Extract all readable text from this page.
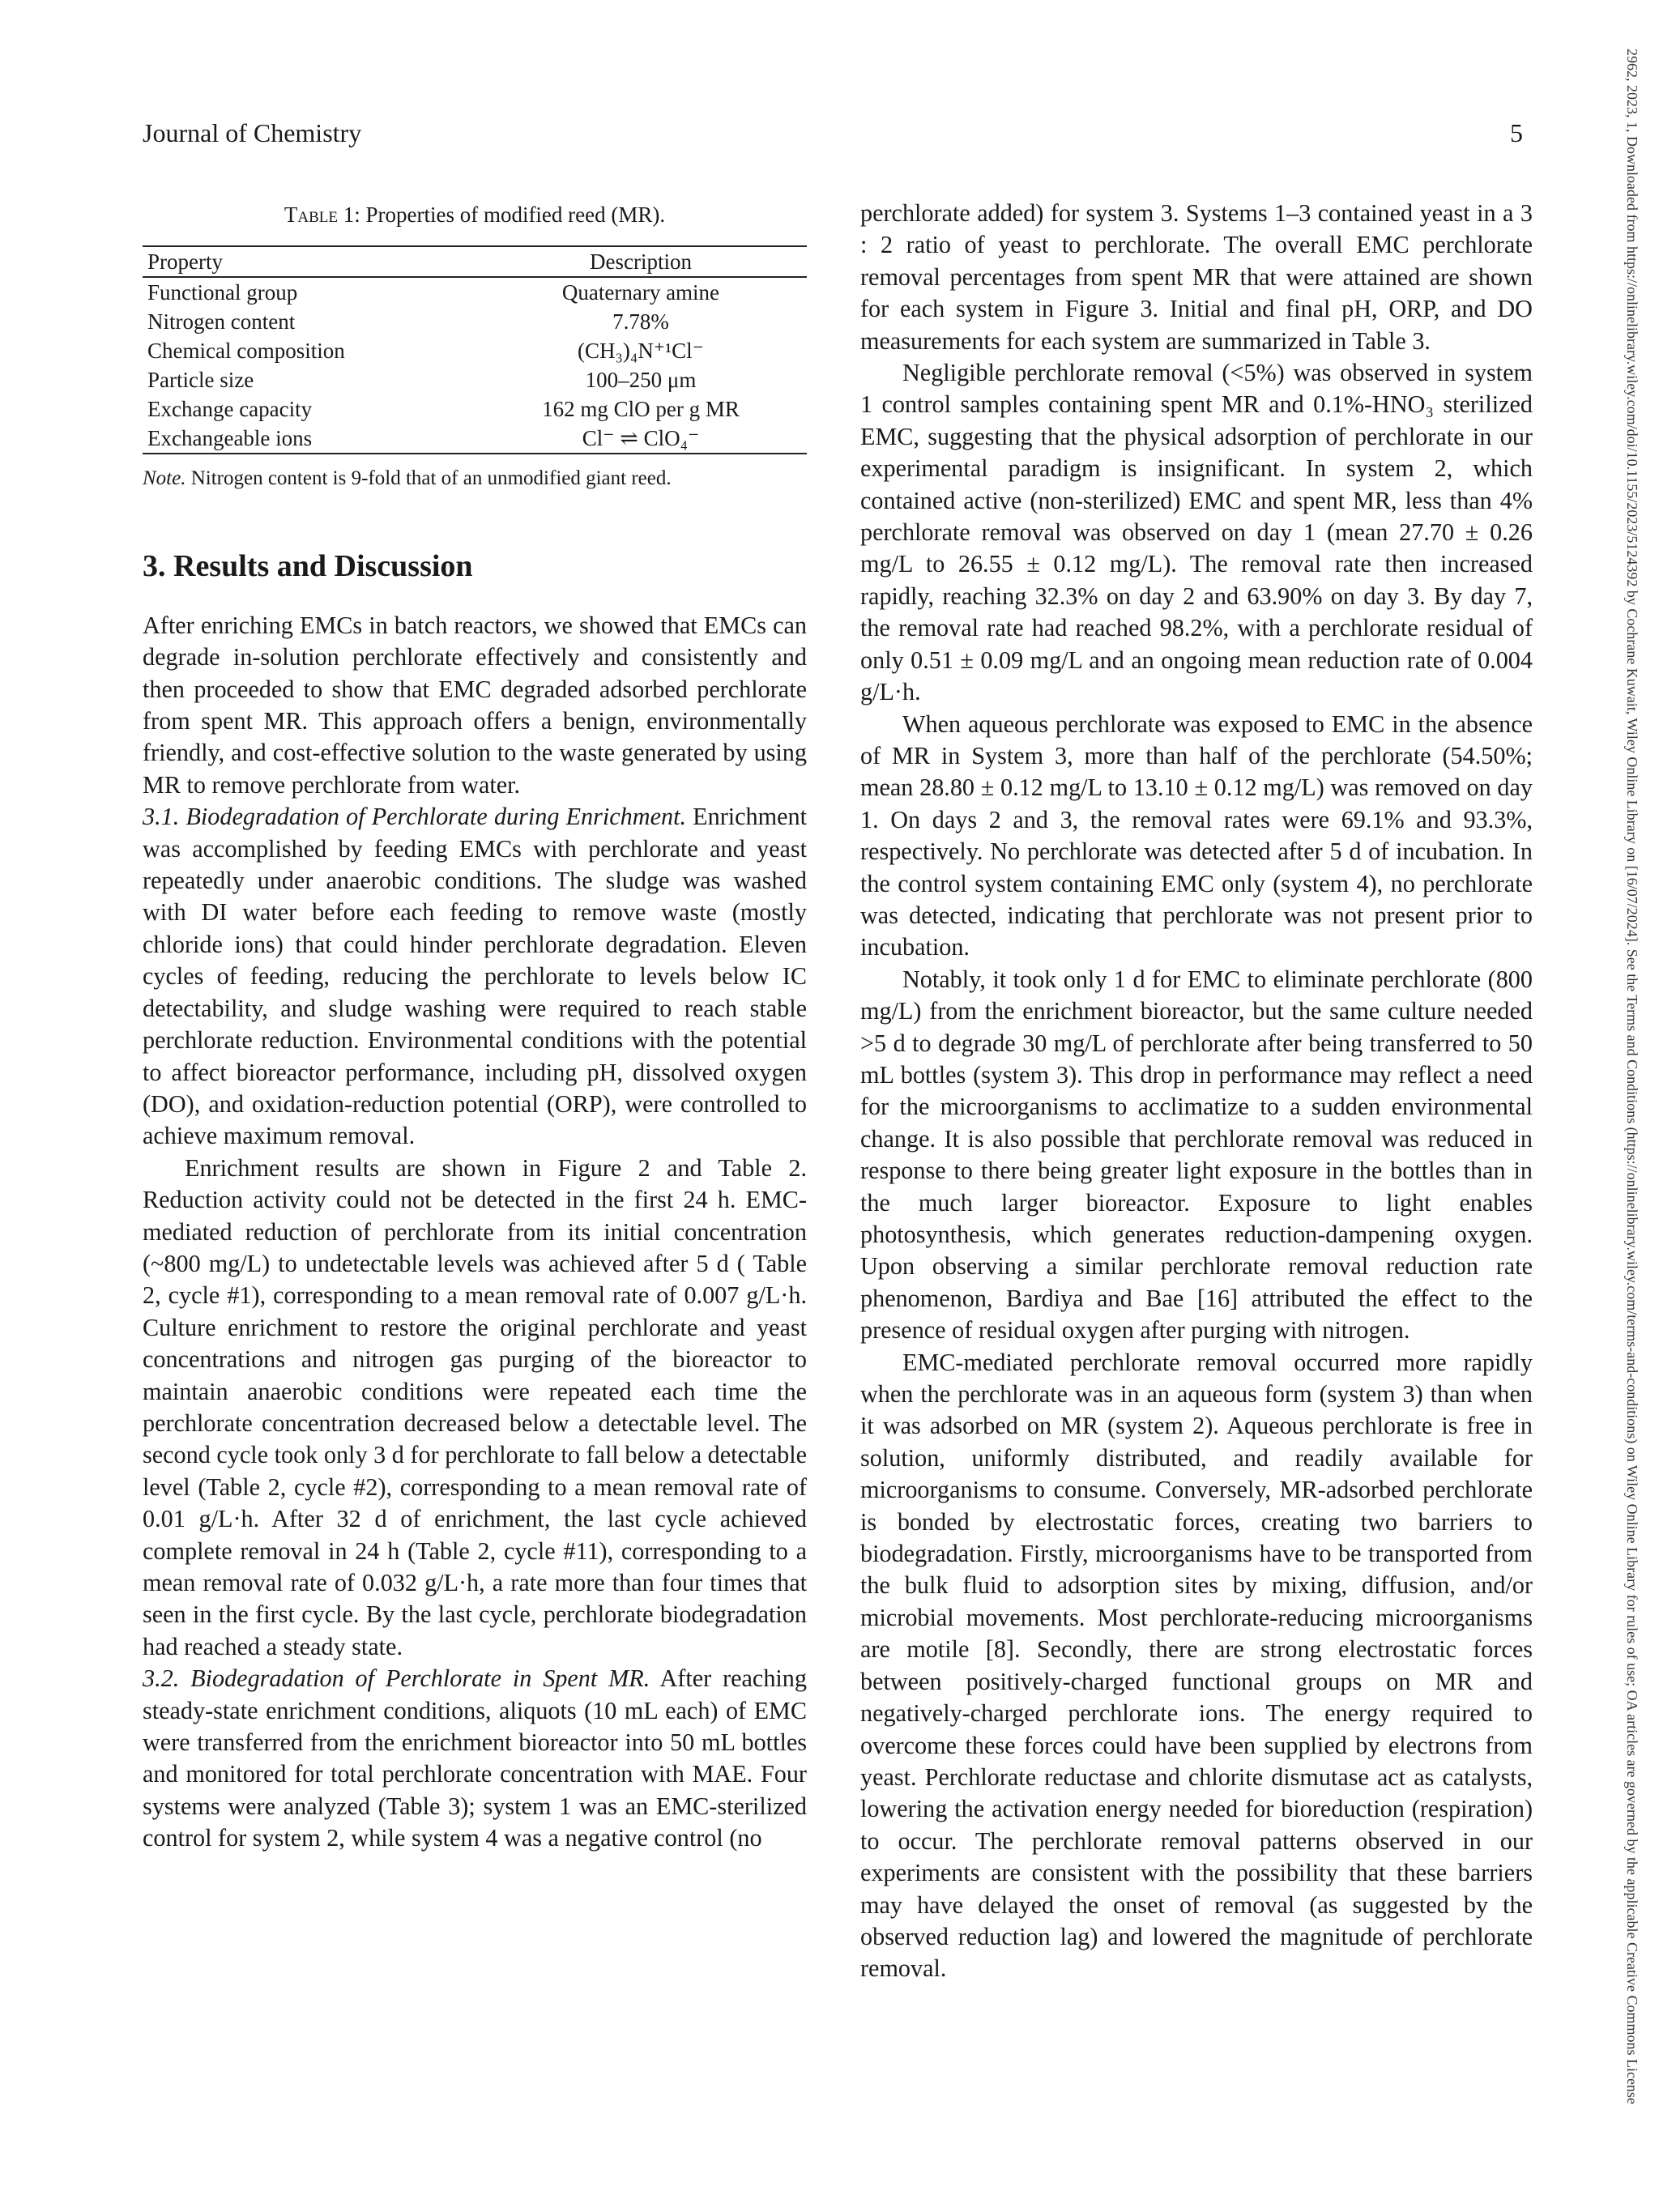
Journal of Chemistry	5	2962, 2023, 1, Downloaded from https://onlinelibrary.wiley.com/doi/10.1155/2023/5124392 by Cochrane Kuwait, Wiley Online Library on [16/07/2024]. See the Terms and Conditions (https://onlinelibrary.wiley.com/terms-and-conditions) on Wiley Online Library for rules of use; OA articles are governed by the applicable Creative Commons License
Table 1: Properties of modified reed (MR).
Property	Description
Functional group	Quaternary amine
Nitrogen content	7.78%
Chemical composition	(CH₃)₄N⁺¹Cl⁻
Particle size	100–250 μm
Exchange capacity	162 mg ClO per g MR
Exchangeable ions	Cl⁻ ⇌ ClO₄⁻
Note. Nitrogen content is 9-fold that of an unmodified giant reed.
3. Results and Discussion

After enriching EMCs in batch reactors, we showed that EMCs can degrade in-solution perchlorate effectively and consistently and then proceeded to show that EMC degraded adsorbed perchlorate from spent MR. This approach offers a benign, environmentally friendly, and cost-effective solution to the waste generated by using MR to remove perchlorate from water.

3.1. Biodegradation of Perchlorate during Enrichment. Enrichment was accomplished by feeding EMCs with perchlorate and yeast repeatedly under anaerobic conditions. The sludge was washed with DI water before each feeding to remove waste (mostly chloride ions) that could hinder perchlorate degradation. Eleven cycles of feeding, reducing the perchlorate to levels below IC detectability, and sludge washing were required to reach stable perchlorate reduction. Environmental conditions with the potential to affect bioreactor performance, including pH, dissolved oxygen (DO), and oxidation-reduction potential (ORP), were controlled to achieve maximum removal.

Enrichment results are shown in Figure 2 and Table 2. Reduction activity could not be detected in the first 24 h. EMC-mediated reduction of perchlorate from its initial concentration (~800 mg/L) to undetectable levels was achieved after 5 d ( Table 2, cycle #1), corresponding to a mean removal rate of 0.007 g/L·h. Culture enrichment to restore the original perchlorate and yeast concentrations and nitrogen gas purging of the bioreactor to maintain anaerobic conditions were repeated each time the perchlorate concentration decreased below a detectable level. The second cycle took only 3 d for perchlorate to fall below a detectable level (Table 2, cycle #2), corresponding to a mean removal rate of 0.01 g/L·h. After 32 d of enrichment, the last cycle achieved complete removal in 24 h (Table 2, cycle #11), corresponding to a mean removal rate of 0.032 g/L·h, a rate more than four times that seen in the first cycle. By the last cycle, perchlorate biodegradation had reached a steady state.

3.2. Biodegradation of Perchlorate in Spent MR. After reaching steady-state enrichment conditions, aliquots (10 mL each) of EMC were transferred from the enrichment bioreactor into 50 mL bottles and monitored for total perchlorate concentration with MAE. Four systems were analyzed (Table 3); system 1 was an EMC-sterilized control for system 2, while system 4 was a negative control (no

perchlorate added) for system 3. Systems 1–3 contained yeast in a 3 : 2 ratio of yeast to perchlorate. The overall EMC perchlorate removal percentages from spent MR that were attained are shown for each system in Figure 3. Initial and final pH, ORP, and DO measurements for each system are summarized in Table 3.

Negligible perchlorate removal (<5%) was observed in system 1 control samples containing spent MR and 0.1%-HNO₃ sterilized EMC, suggesting that the physical adsorption of perchlorate in our experimental paradigm is insignificant. In system 2, which contained active (non-sterilized) EMC and spent MR, less than 4% perchlorate removal was observed on day 1 (mean 27.70 ± 0.26 mg/L to 26.55 ± 0.12 mg/L). The removal rate then increased rapidly, reaching 32.3% on day 2 and 63.90% on day 3. By day 7, the removal rate had reached 98.2%, with a perchlorate residual of only 0.51 ± 0.09 mg/L and an ongoing mean reduction rate of 0.004 g/L·h.

When aqueous perchlorate was exposed to EMC in the absence of MR in System 3, more than half of the perchlorate (54.50%; mean 28.80 ± 0.12 mg/L to 13.10 ± 0.12 mg/L) was removed on day 1. On days 2 and 3, the removal rates were 69.1% and 93.3%, respectively. No perchlorate was detected after 5 d of incubation. In the control system containing EMC only (system 4), no perchlorate was detected, indicating that perchlorate was not present prior to incubation.

Notably, it took only 1 d for EMC to eliminate perchlorate (800 mg/L) from the enrichment bioreactor, but the same culture needed >5 d to degrade 30 mg/L of perchlorate after being transferred to 50 mL bottles (system 3). This drop in performance may reflect a need for the microorganisms to acclimatize to a sudden environmental change. It is also possible that perchlorate removal was reduced in response to there being greater light exposure in the bottles than in the much larger bioreactor. Exposure to light enables photosynthesis, which generates reduction-dampening oxygen. Upon observing a similar perchlorate removal reduction rate phenomenon, Bardiya and Bae [16] attributed the effect to the presence of residual oxygen after purging with nitrogen.

EMC-mediated perchlorate removal occurred more rapidly when the perchlorate was in an aqueous form (system 3) than when it was adsorbed on MR (system 2). Aqueous perchlorate is free in solution, uniformly distributed, and readily available for microorganisms to consume. Conversely, MR-adsorbed perchlorate is bonded by electrostatic forces, creating two barriers to biodegradation. Firstly, microorganisms have to be transported from the bulk fluid to adsorption sites by mixing, diffusion, and/or microbial movements. Most perchlorate-reducing microorganisms are motile [8]. Secondly, there are strong electrostatic forces between positively-charged functional groups on MR and negatively-charged perchlorate ions. The energy required to overcome these forces could have been supplied by electrons from yeast. Perchlorate reductase and chlorite dismutase act as catalysts, lowering the activation energy needed for bioreduction (respiration) to occur. The perchlorate removal patterns observed in our experiments are consistent with the possibility that these barriers may have delayed the onset of removal (as suggested by the observed reduction lag) and lowered the magnitude of perchlorate removal.
